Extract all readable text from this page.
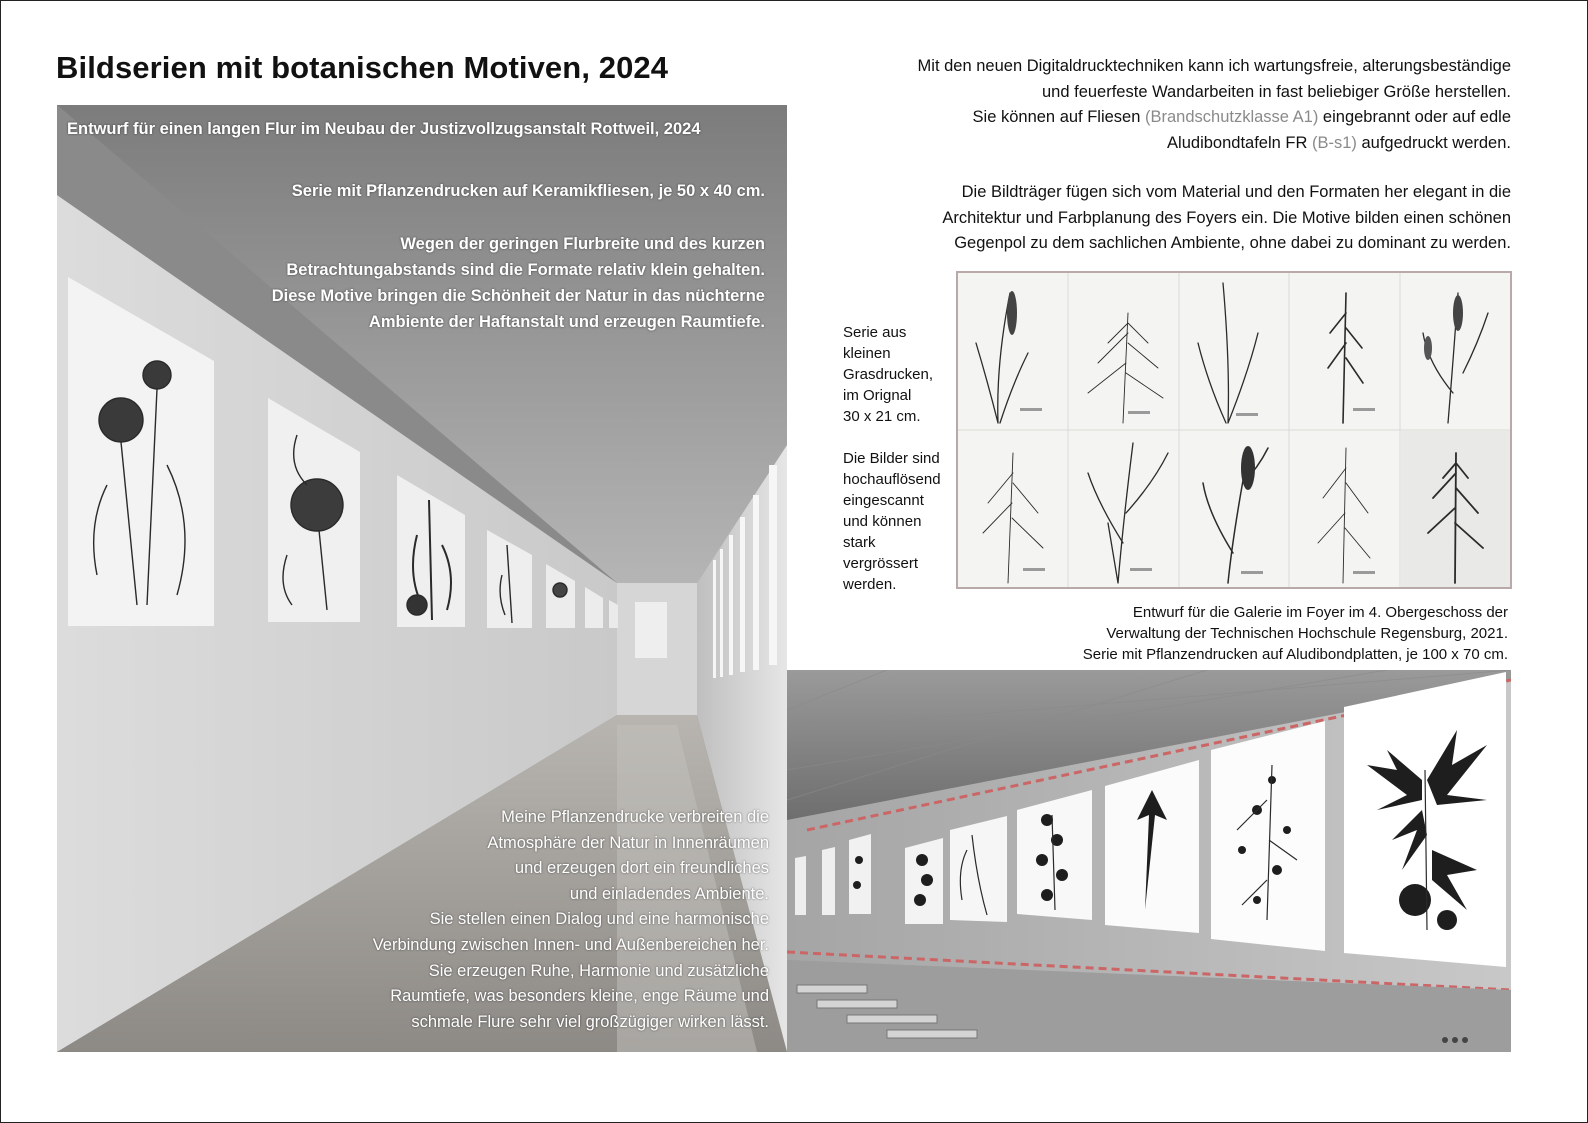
Bildserien mit botanischen Motiven, 2024
Entwurf für einen langen Flur im Neubau der Justizvollzugsanstalt Rottweil, 2024
Serie mit Pflanzendrucken auf Keramikfliesen, je 50 x 40 cm.
Wegen der geringen Flurbreite und des kurzen
Betrachtungabstands sind die Formate relativ klein gehalten.
Diese Motive bringen die Schönheit der Natur in das nüchterne
Ambiente der Haftanstalt und erzeugen Raumtiefe.
Meine Pflanzendrucke verbreiten die
Atmosphäre der Natur in Innenräumen
und erzeugen dort ein freundliches
und einladendes Ambiente.
Sie stellen einen Dialog und eine harmonische
Verbindung zwischen Innen- und Außenbereichen her.
Sie erzeugen Ruhe, Harmonie und zusätzliche
Raumtiefe, was besonders kleine, enge Räume und
schmale Flure sehr viel großzügiger wirken lässt.
Mit den neuen Digitaldrucktechniken kann ich wartungsfreie, alterungsbeständige
und feuerfeste Wandarbeiten in fast beliebiger Größe herstellen.
Sie können auf Fliesen (Brandschutzklasse A1) eingebrannt oder auf edle
Aludibondtafeln FR (B-s1) aufgedruckt werden.
Die Bildträger fügen sich vom Material und den Formaten her elegant in die
Architektur und Farbplanung des Foyers ein. Die Motive bilden einen schönen
Gegenpol zu dem sachlichen Ambiente, ohne dabei zu dominant zu werden.
Serie aus
kleinen
Grasdrucken,
im Orignal
30 x 21 cm.
Die Bilder sind
hochauflösend
eingescannt
und können
stark
vergrössert
werden.
Entwurf für die Galerie im Foyer im 4. Obergeschoss der
Verwaltung der Technischen Hochschule Regensburg, 2021.
Serie mit Pflanzendrucken auf Aludibondplatten, je 100 x 70 cm.
